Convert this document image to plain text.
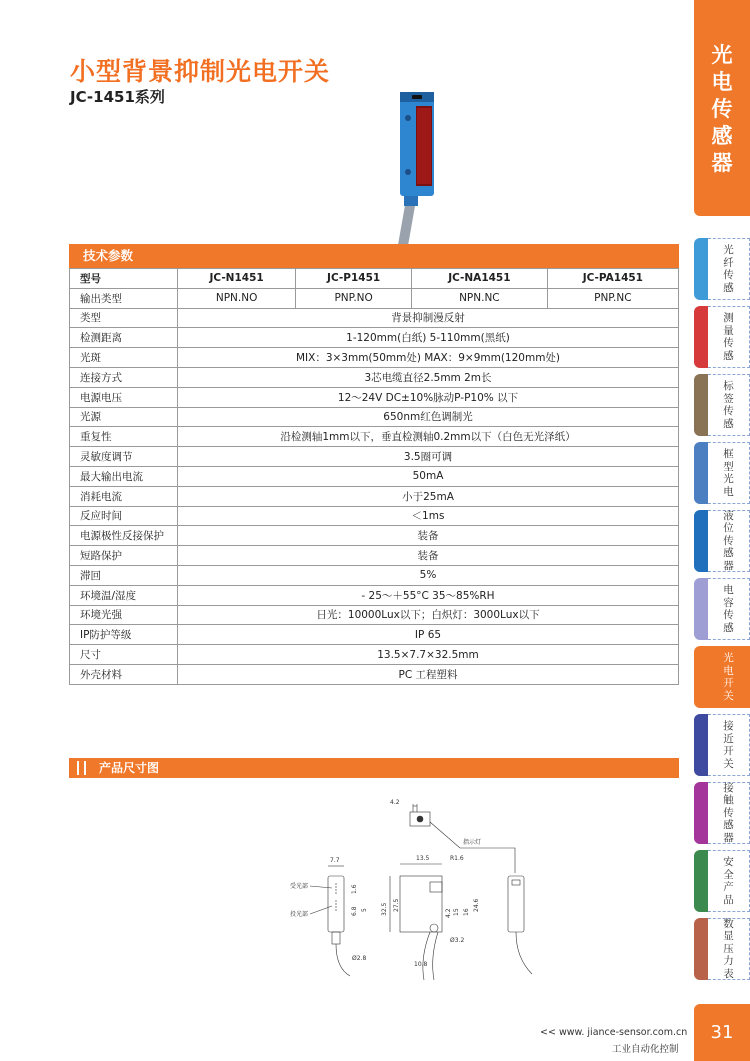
小型背景抑制光电开关
JC-1451系列
光
电
传
感
器
光
纤
传
感
测
量
传
感
标
签
传
感
框
型
光
电
液
位
传
感
器
电
容
传
感
光
电
开
关
接
近
开
关
接
触
传
感
器
安
全
产
品
数
显
压
力
表
技术参数
型号	JC-N1451	JC-P1451	JC-NA1451	JC-PA1451
输出类型	NPN.NO	PNP.NO	NPN.NC	PNP.NC
类型	背景抑制漫反射			
检测距离	1-120mm(白纸) 5-110mm(黑纸)			
光斑	MIX：3×3mm(50mm处) MAX：9×9mm(120mm处)			
连接方式	3芯电缆直径2.5mm 2m长			
电源电压	12～24V DC±10%脉动P-P10% 以下			
光源	650nm红色调制光			
重复性	沿检测轴1mm以下，垂直检测轴0.2mm以下（白色无光泽纸）			
灵敏度调节	3.5圈可调			
最大输出电流	50mA			
消耗电流	小于25mA			
反应时间	＜1ms			
电源极性反接保护	装备			
短路保护	装备			
滞回	5%			
环境温/湿度	- 25～＋55°C 35～85%RH			
环境光强	日光：10000Lux以下；白炽灯：3000Lux以下			
IP防护等级	IP 65			
尺寸	13.5×7.7×32.5mm			
外壳材料	PC 工程塑料			
产品尺寸图
4.2
指示灯
7.7
受光部
投光部
1.6
6.8 5
Ø2.8
13.5	R1.6
32.5 27.5
4.2 15 16
24.6
Ø3.2
10.8
<< www. jiance-sensor.com.cn
工业自动化控制
31
